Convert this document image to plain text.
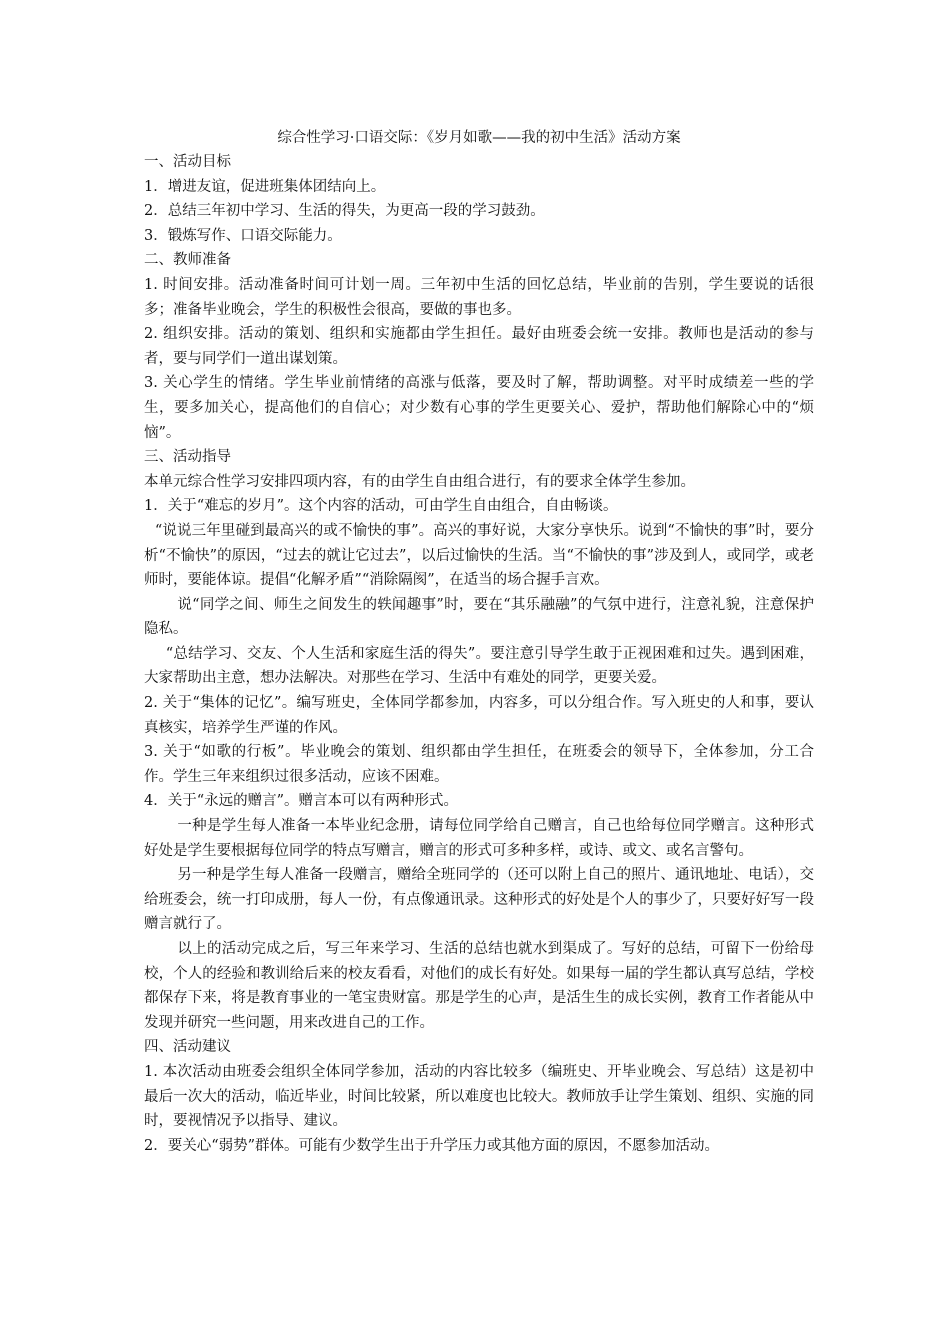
综合性学习·口语交际：《岁月如歌——我的初中生活》活动方案

一、活动目标

1．增进友谊，促进班集体团结向上。

2．总结三年初中学习、生活的得失，为更高一段的学习鼓劲。

3．锻炼写作、口语交际能力。

二、教师准备

1. 时间安排。活动准备时间可计划一周。三年初中生活的回忆总结，毕业前的告别，学生要说的话很多；准备毕业晚会，学生的积极性会很高，要做的事也多。

2. 组织安排。活动的策划、组织和实施都由学生担任。最好由班委会统一安排。教师也是活动的参与者，要与同学们一道出谋划策。

3. 关心学生的情绪。学生毕业前情绪的高涨与低落，要及时了解，帮助调整。对平时成绩差一些的学生，要多加关心，提高他们的自信心；对少数有心事的学生更要关心、爱护，帮助他们解除心中的“烦恼”。

三、活动指导

本单元综合性学习安排四项内容，有的由学生自由组合进行，有的要求全体学生参加。

1．关于“难忘的岁月”。这个内容的活动，可由学生自由组合，自由畅谈。

“说说三年里碰到最高兴的或不愉快的事”。高兴的事好说，大家分享快乐。说到“不愉快的事”时，要分析“不愉快”的原因，“过去的就让它过去”，以后过愉快的生活。当“不愉快的事”涉及到人，或同学，或老师时，要能体谅。提倡“化解矛盾”“消除隔阂”，在适当的场合握手言欢。

说“同学之间、师生之间发生的轶闻趣事”时，要在“其乐融融”的气氛中进行，注意礼貌，注意保护隐私。

“总结学习、交友、个人生活和家庭生活的得失”。要注意引导学生敢于正视困难和过失。遇到困难，大家帮助出主意，想办法解决。对那些在学习、生活中有难处的同学，更要关爱。

2. 关于“集体的记忆”。编写班史，全体同学都参加，内容多，可以分组合作。写入班史的人和事，要认真核实，培养学生严谨的作风。

3. 关于“如歌的行板”。毕业晚会的策划、组织都由学生担任，在班委会的领导下，全体参加，分工合作。学生三年来组织过很多活动，应该不困难。

4．关于“永远的赠言”。赠言本可以有两种形式。

一种是学生每人准备一本毕业纪念册，请每位同学给自己赠言，自己也给每位同学赠言。这种形式好处是学生要根据每位同学的特点写赠言，赠言的形式可多种多样，或诗、或文、或名言警句。

另一种是学生每人准备一段赠言，赠给全班同学的（还可以附上自己的照片、通讯地址、电话），交给班委会，统一打印成册，每人一份，有点像通讯录。这种形式的好处是个人的事少了，只要好好写一段赠言就行了。

以上的活动完成之后，写三年来学习、生活的总结也就水到渠成了。写好的总结，可留下一份给母校，个人的经验和教训给后来的校友看看，对他们的成长有好处。如果每一届的学生都认真写总结，学校都保存下来，将是教育事业的一笔宝贵财富。那是学生的心声，是活生生的成长实例，教育工作者能从中发现并研究一些问题，用来改进自己的工作。

四、活动建议

1. 本次活动由班委会组织全体同学参加，活动的内容比较多（编班史、开毕业晚会、写总结）这是初中最后一次大的活动，临近毕业，时间比较紧，所以难度也比较大。教师放手让学生策划、组织、实施的同时，要视情况予以指导、建议。

2．要关心“弱势”群体。可能有少数学生出于升学压力或其他方面的原因，不愿参加活动。
